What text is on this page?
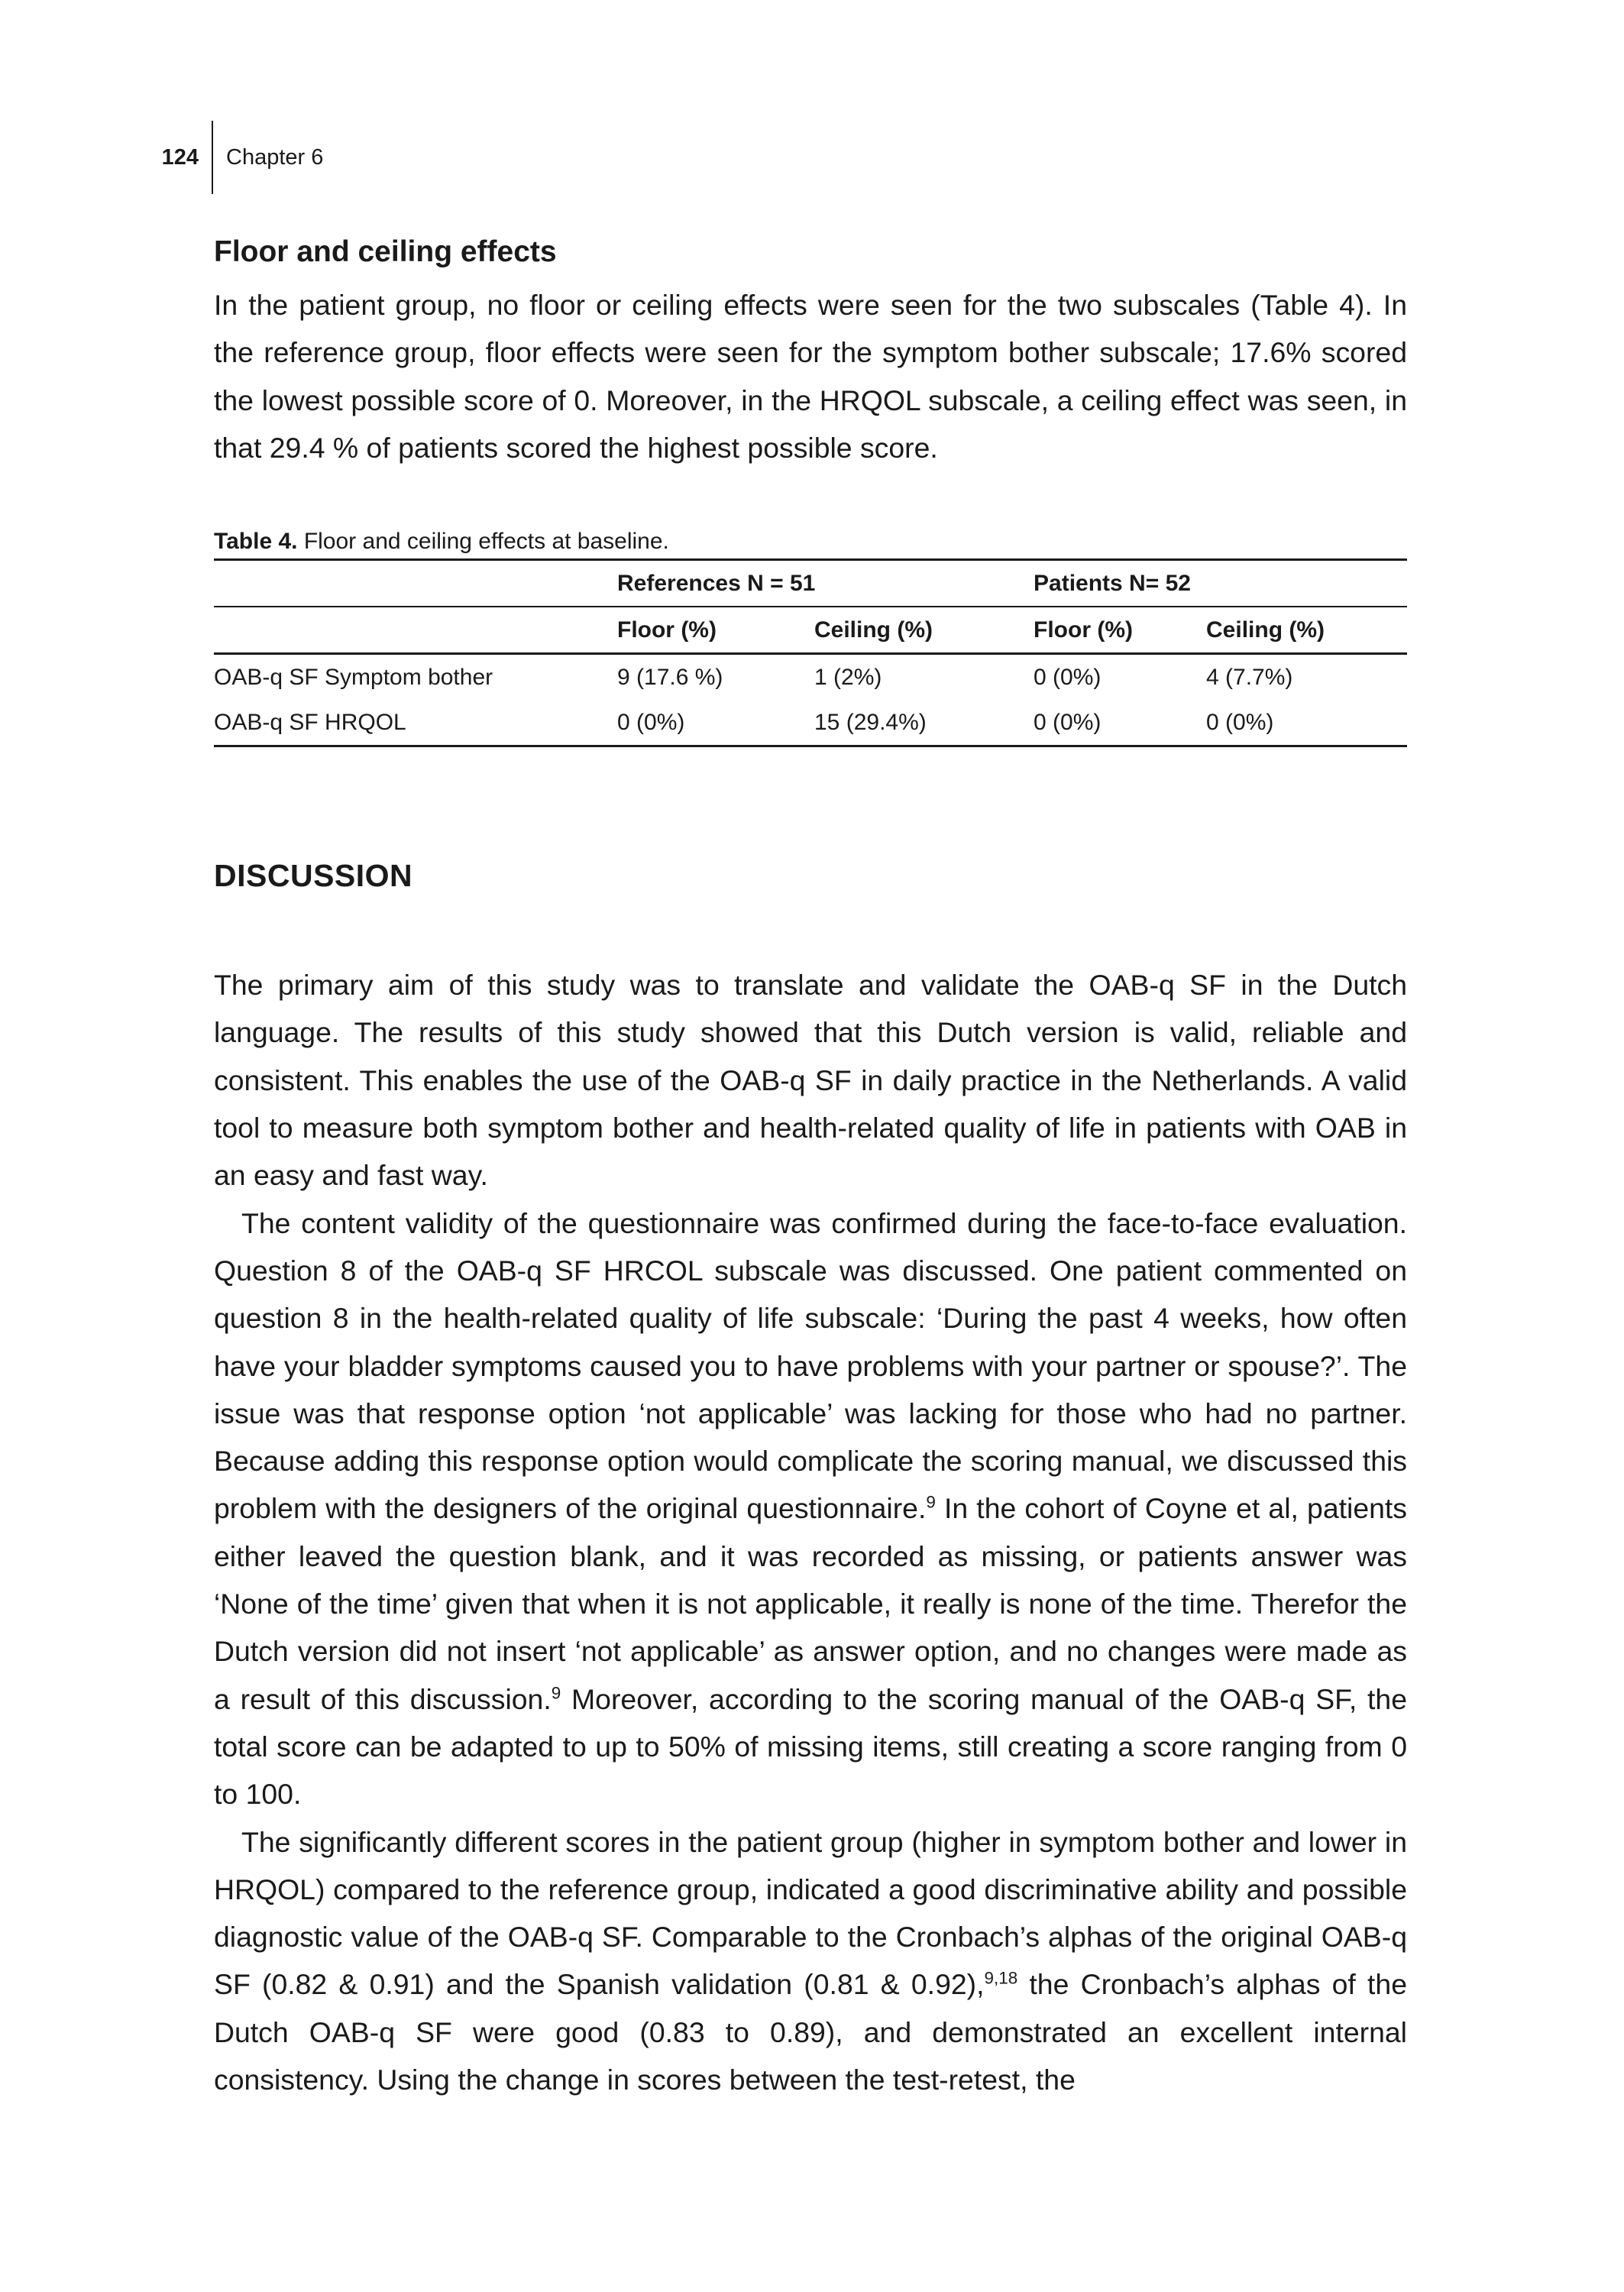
124 Chapter 6
Floor and ceiling effects

In the patient group, no floor or ceiling effects were seen for the two subscales (Table 4). In the reference group, floor effects were seen for the symptom bother subscale; 17.6% scored the lowest possible score of 0. Moreover, in the HRQOL subscale, a ceiling effect was seen, in that 29.4 % of patients scored the highest possible score.

Table 4. Floor and ceiling effects at baseline.
	References N = 51		Patients N= 52	
	Floor (%)	Ceiling (%)	Floor (%)	Ceiling (%)
OAB-q SF Symptom bother	9 (17.6 %)	1 (2%)	0 (0%)	4 (7.7%)
OAB-q SF HRQOL	0 (0%)	15 (29.4%)	0 (0%)	0 (0%)
DISCUSSION

The primary aim of this study was to translate and validate the OAB-q SF in the Dutch language. The results of this study showed that this Dutch version is valid, reliable and consistent. This enables the use of the OAB-q SF in daily practice in the Netherlands. A valid tool to measure both symptom bother and health-related quality of life in patients with OAB in an easy and fast way.

The content validity of the questionnaire was confirmed during the face-to-face evaluation. Question 8 of the OAB-q SF HRCOL subscale was discussed. One patient commented on question 8 in the health-related quality of life subscale: ‘During the past 4 weeks, how often have your bladder symptoms caused you to have problems with your partner or spouse?’. The issue was that response option ‘not applicable’ was lacking for those who had no partner. Because adding this response option would complicate the scoring manual, we discussed this problem with the designers of the original questionnaire.$^9$ In the cohort of Coyne et al, patients either leaved the question blank, and it was recorded as missing, or patients answer was ‘None of the time’ given that when it is not applicable, it really is none of the time. Therefor the Dutch version did not insert ‘not applicable’ as answer option, and no changes were made as a result of this discussion.$^9$ Moreover, according to the scoring manual of the OAB-q SF, the total score can be adapted to up to 50% of missing items, still creating a score ranging from 0 to 100.

The significantly different scores in the patient group (higher in symptom bother and lower in HRQOL) compared to the reference group, indicated a good discriminative ability and possible diagnostic value of the OAB-q SF. Comparable to the Cronbach’s alphas of the original OAB-q SF (0.82 & 0.91) and the Spanish validation (0.81 & 0.92),$^{9,18}$ the Cronbach’s alphas of the Dutch OAB-q SF were good (0.83 to 0.89), and demonstrated an excellent internal consistency. Using the change in scores between the test-retest, the
